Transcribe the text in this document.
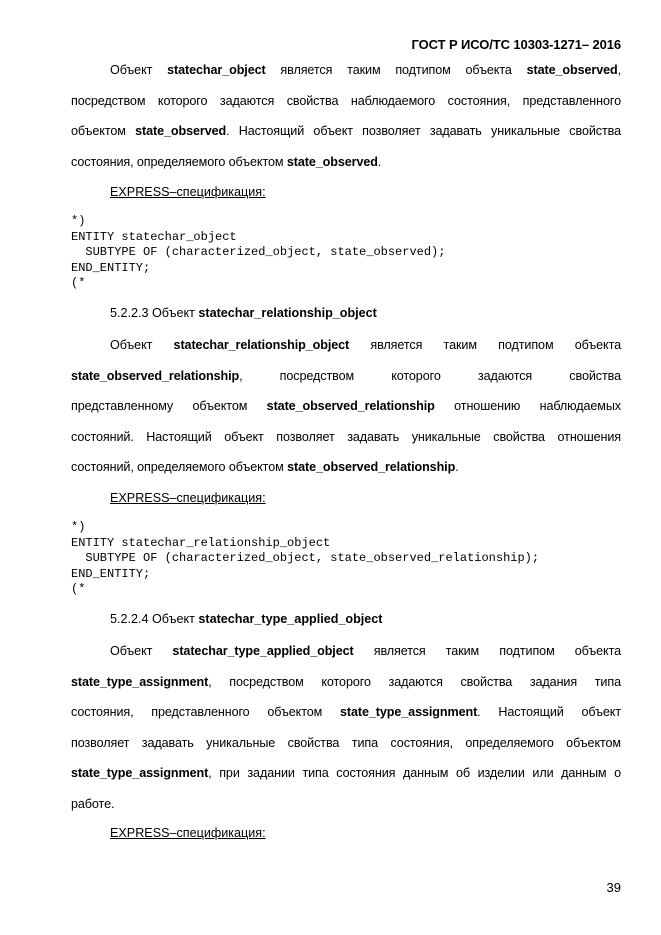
ГОСТ Р ИСО/ТС 10303-1271– 2016
Объект statechar_object является таким подтипом объекта state_observed,
посредством которого задаются свойства наблюдаемого состояния, представленного
объектом state_observed. Настоящий объект позволяет задавать уникальные свойства
состояния, определяемого объектом state_observed.
EXPRESS–спецификация:
*)
ENTITY statechar_object
SUBTYPE OF (characterized_object, state_observed);
END_ENTITY;
(*
5.2.2.3 Объект statechar_relationship_object
Объект statechar_relationship_object является таким подтипом объекта
state_observed_relationship, посредством которого задаются свойства
представленному объектом state_observed_relationship отношению наблюдаемых
состояний. Настоящий объект позволяет задавать уникальные свойства отношения
состояний, определяемого объектом state_observed_relationship.
EXPRESS–спецификация:
*)
ENTITY statechar_relationship_object
SUBTYPE OF (characterized_object, state_observed_relationship);
END_ENTITY;
(*
5.2.2.4 Объект statechar_type_applied_object
Объект statechar_type_applied_object является таким подтипом объекта
state_type_assignment, посредством которого задаются свойства задания типа
состояния, представленного объектом state_type_assignment. Настоящий объект
позволяет задавать уникальные свойства типа состояния, определяемого объектом
state_type_assignment, при задании типа состояния данным об изделии или данным о
работе.
EXPRESS–спецификация:
39
